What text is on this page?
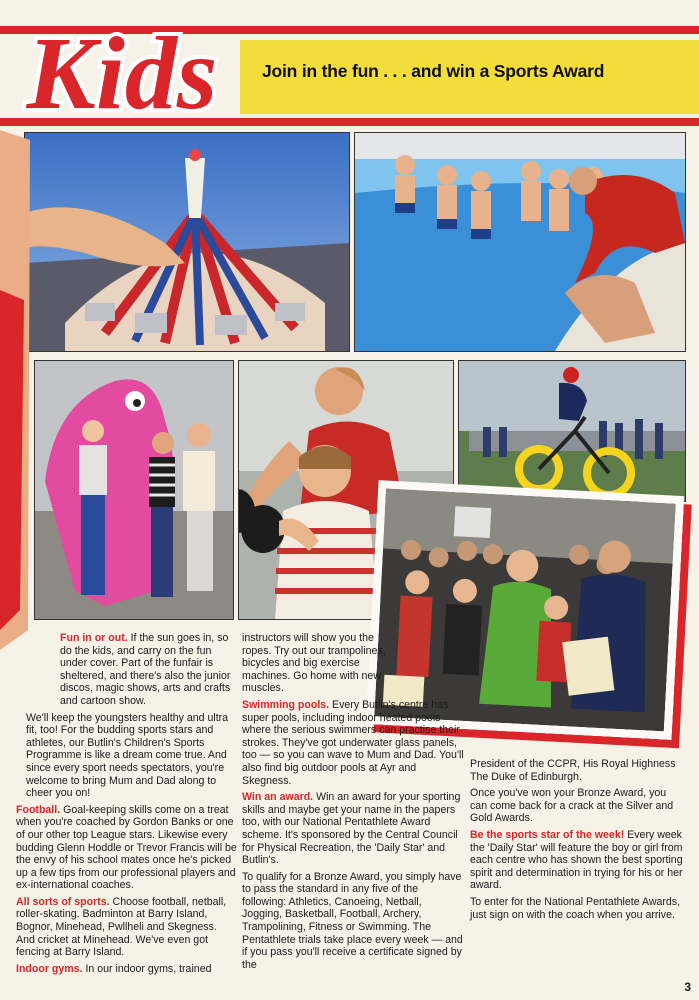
Join in the fun . . . and win a Sports Award
Kids

Fun in or out. If the sun goes in, so do the kids, and carry on the fun under cover. Part of the funfair is sheltered, and there's also the junior discos, magic shows, arts and crafts and cartoon show.

We'll keep the youngsters healthy and ultra fit, too! For the budding sports stars and athletes, our Butlin's Children's Sports Programme is like a dream come true. And since every sport needs spectators, you're welcome to bring Mum and Dad along to cheer you on!

Football. Goal-keeping skills come on a treat when you're coached by Gordon Banks or one of our other top League stars. Likewise every budding Glenn Hoddle or Trevor Francis will be the envy of his school mates once he's picked up a few tips from our professional players and ex-international coaches.

All sorts of sports. Choose football, netball, roller-skating. Badminton at Barry Island, Bognor, Minehead, Pwllheli and Skegness. And cricket at Minehead. We've even got fencing at Barry Island.

Indoor gyms. In our indoor gyms, trained

instructors will show you the ropes. Try out our trampolines, bicycles and big exercise machines. Go home with new muscles.

Swimming pools. Every Butlin's centre has super pools, including indoor heated pools where the serious swimmers can practise their strokes. They've got underwater glass panels, too — so you can wave to Mum and Dad. You'll also find big outdoor pools at Ayr and Skegness.

Win an award. Win an award for your sporting skills and maybe get your name in the papers too, with our National Pentathlete Award scheme. It's sponsored by the Central Council for Physical Recreation, the 'Daily Star' and Butlin's.

To qualify for a Bronze Award, you simply have to pass the standard in any five of the following: Athletics, Canoeing, Netball, Jogging, Basketball, Football, Archery, Trampolining, Fitness or Swimming. The Pentathlete trials take place every week — and if you pass you'll receive a certificate signed by the

President of the CCPR, His Royal Highness The Duke of Edinburgh.

Once you've won your Bronze Award, you can come back for a crack at the Silver and Gold Awards.

Be the sports star of the week! Every week the 'Daily Star' will feature the boy or girl from each centre who has shown the best sporting spirit and determination in trying for his or her award.

To enter for the National Pentathlete Awards, just sign on with the coach when you arrive.

3
